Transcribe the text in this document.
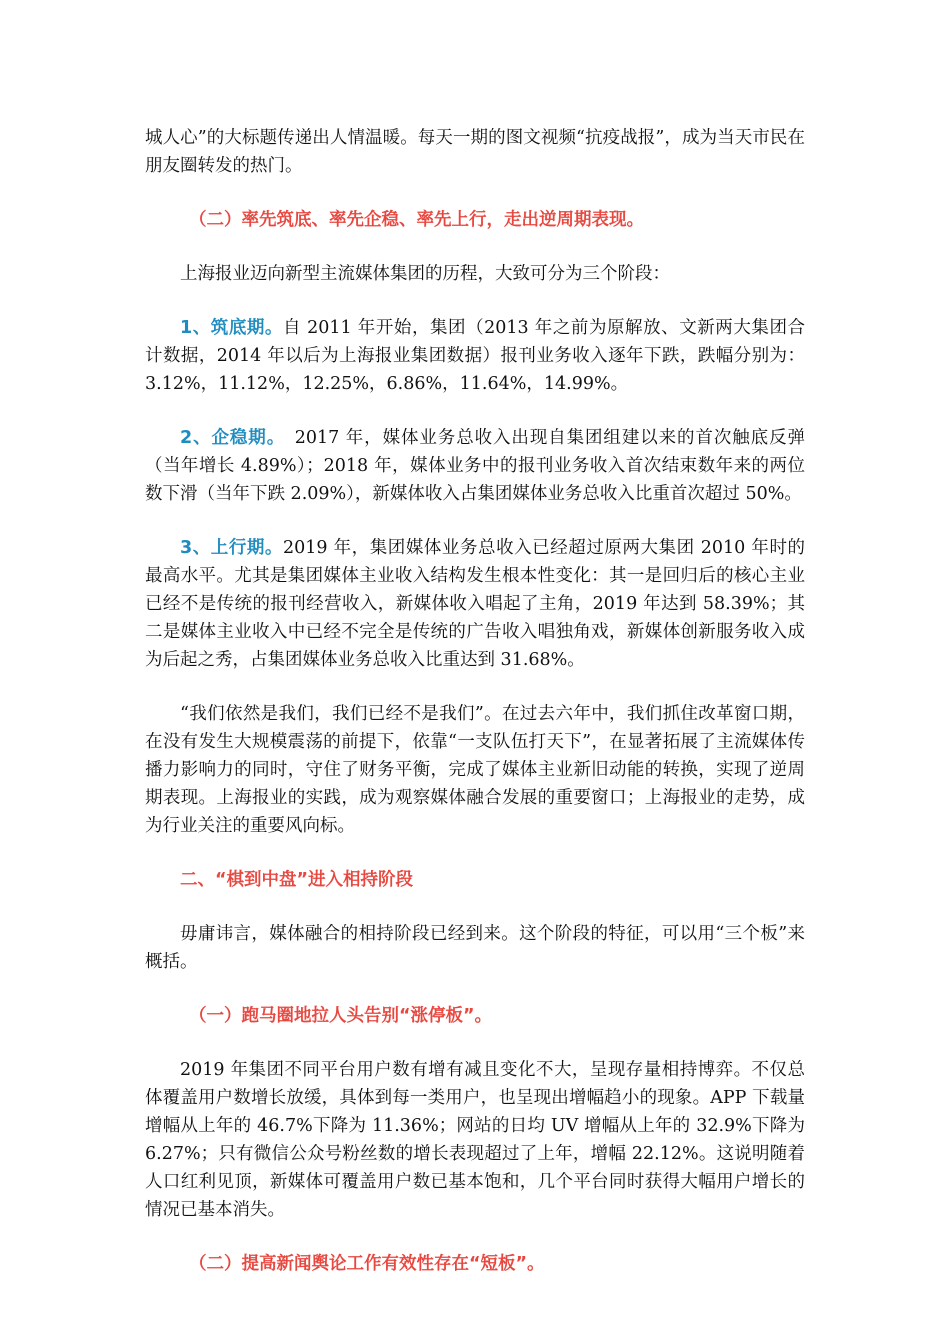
城人心”的大标题传递出人情温暖。每天一期的图文视频“抗疫战报”，成为当天市民在朋友圈转发的热门。

（二）率先筑底、率先企稳、率先上行，走出逆周期表现。

上海报业迈向新型主流媒体集团的历程，大致可分为三个阶段：

1、筑底期。自 2011 年开始，集团（2013 年之前为原解放、文新两大集团合计数据，2014 年以后为上海报业集团数据）报刊业务收入逐年下跌，跌幅分别为：3.12%，11.12%，12.25%，6.86%，11.64%，14.99%。

2、企稳期。　2017 年，媒体业务总收入出现自集团组建以来的首次触底反弹（当年增长 4.89%）；2018 年，媒体业务中的报刊业务收入首次结束数年来的两位数下滑（当年下跌 2.09%），新媒体收入占集团媒体业务总收入比重首次超过 50%。

3、上行期。2019 年，集团媒体业务总收入已经超过原两大集团 2010 年时的最高水平。尤其是集团媒体主业收入结构发生根本性变化：其一是回归后的核心主业已经不是传统的报刊经营收入，新媒体收入唱起了主角，2019 年达到 58.39%；其二是媒体主业收入中已经不完全是传统的广告收入唱独角戏，新媒体创新服务收入成为后起之秀，占集团媒体业务总收入比重达到 31.68%。

“我们依然是我们，我们已经不是我们”。在过去六年中，我们抓住改革窗口期，在没有发生大规模震荡的前提下，依靠“一支队伍打天下”，在显著拓展了主流媒体传播力影响力的同时，守住了财务平衡，完成了媒体主业新旧动能的转换，实现了逆周期表现。上海报业的实践，成为观察媒体融合发展的重要窗口；上海报业的走势，成为行业关注的重要风向标。

二、“棋到中盘”进入相持阶段

毋庸讳言，媒体融合的相持阶段已经到来。这个阶段的特征，可以用“三个板”来概括。

（一）跑马圈地拉人头告别“涨停板”。

2019 年集团不同平台用户数有增有减且变化不大，呈现存量相持博弈。不仅总体覆盖用户数增长放缓，具体到每一类用户，也呈现出增幅趋小的现象。APP 下载量增幅从上年的 46.7%下降为 11.36%；网站的日均 UV 增幅从上年的 32.9%下降为 6.27%；只有微信公众号粉丝数的增长表现超过了上年，增幅 22.12%。这说明随着人口红利见顶，新媒体可覆盖用户数已基本饱和，几个平台同时获得大幅用户增长的情况已基本消失。

（二）提高新闻舆论工作有效性存在“短板”。
